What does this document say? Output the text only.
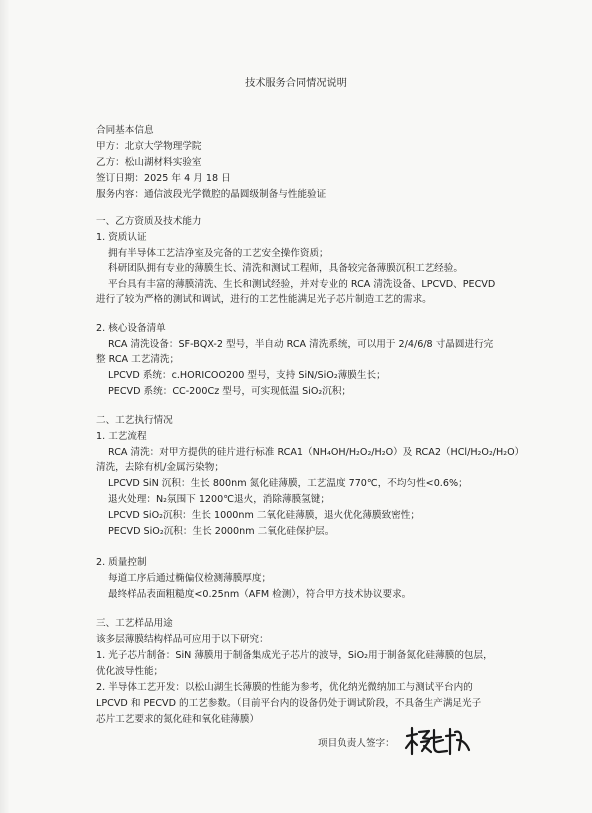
技术服务合同情况说明
合同基本信息
甲方：北京大学物理学院
乙方：松山湖材料实验室
签订日期：2025 年 4 月 18 日
服务内容：通信波段光学微腔的晶圆级制备与性能验证
一、乙方资质及技术能力
1. 资质认证
拥有半导体工艺洁净室及完备的工艺安全操作资质；
科研团队拥有专业的薄膜生长、清洗和测试工程师，具备较完备薄膜沉积工艺经验。
平台具有丰富的薄膜清洗、生长和测试经验，并对专业的 RCA 清洗设备、LPCVD、PECVD
进行了较为严格的测试和调试，进行的工艺性能满足光子芯片制造工艺的需求。
2. 核心设备清单
RCA 清洗设备：SF-BQX-2 型号，半自动 RCA 清洗系统，可以用于 2/4/6/8 寸晶圆进行完
整 RCA 工艺清洗；
LPCVD 系统：c.HORICOO200 型号，支持 SiN/SiO₂薄膜生长；
PECVD 系统：CC-200Cz 型号，可实现低温 SiO₂沉积；
二、工艺执行情况
1. 工艺流程
RCA 清洗：对甲方提供的硅片进行标准 RCA1（NH₄OH/H₂O₂/H₂O）及 RCA2（HCl/H₂O₂/H₂O）
清洗，去除有机/金属污染物；
LPCVD SiN 沉积：生长 800nm 氮化硅薄膜，工艺温度 770℃，不均匀性<0.6%；
退火处理：N₂氛围下 1200℃退火，消除薄膜氢键；
LPCVD SiO₂沉积：生长 1000nm 二氧化硅薄膜，退火优化薄膜致密性；
PECVD SiO₂沉积：生长 2000nm 二氧化硅保护层。
2. 质量控制
每道工序后通过椭偏仪检测薄膜厚度；
最终样品表面粗糙度<0.25nm（AFM 检测），符合甲方技术协议要求。
三、工艺样品用途
该多层薄膜结构样品可应用于以下研究：
1. 光子芯片制备：SiN 薄膜用于制备集成光子芯片的波导，SiO₂用于制备氮化硅薄膜的包层，
优化波导性能；
2. 半导体工艺开发：以松山湖生长薄膜的性能为参考，优化纳光微纳加工与测试平台内的
LPCVD 和 PECVD 的工艺参数。（目前平台内的设备仍处于调试阶段，不具备生产满足光子
芯片工艺要求的氮化硅和氧化硅薄膜）
项目负责人签字：
